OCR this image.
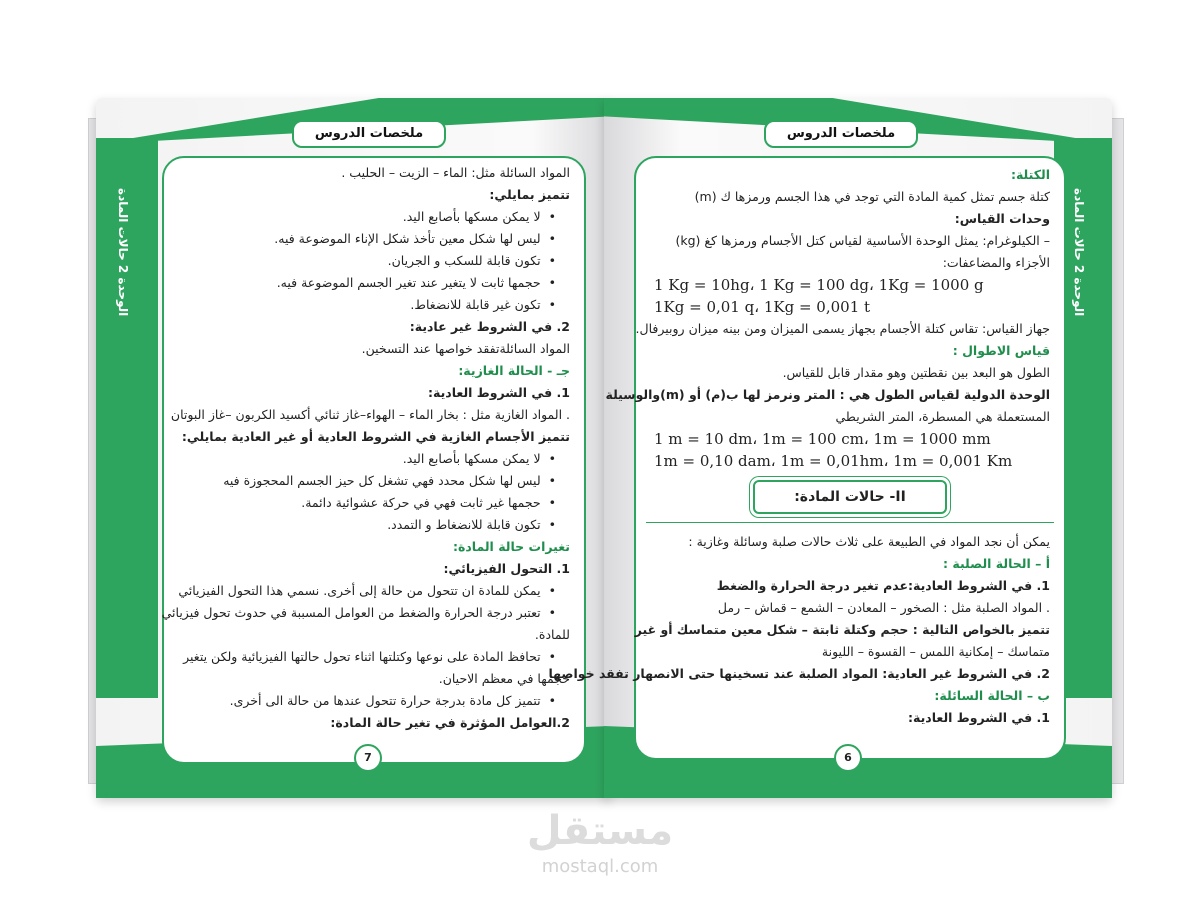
الوحدة 2 حالات المادة
ملخصات الدروس
المواد السائلة مثل: الماء – الزيت – الحليب .
تتميز بمايلي:
• لا يمكن مسكها بأصابع اليد.
• ليس لها شكل معين تأخذ شكل الإناء الموضوعة فيه.
• تكون قابلة للسكب و الجريان.
• حجمها ثابت لا يتغير عند تغير الجسم الموضوعة فيه.
• تكون غير قابلة للانضغاط.
2. في الشروط غير عادية:
المواد السائلةتفقد خواصها عند التسخين.
جـ - الحالة الغازية:
1. في الشروط العادية:
. المواد الغازية مثل : بخار الماء – الهواء–غاز ثنائي أكسيد الكربون –غاز البوتان
تتميز الأجسام الغازية في الشروط العادية أو غير العادية بمايلي:
• لا يمكن مسكها بأصابع اليد.
• ليس لها شكل محدد فهي تشغل كل حيز الجسم المحجوزة فيه
• حجمها غير ثابت فهي في حركة عشوائية دائمة.
• تكون قابلة للانضغاط و التمدد.
تغيرات حالة المادة:
1. التحول الفيزيائي:
• يمكن للمادة ان تتحول من حالة إلى أخرى. نسمي هذا التحول الفيزيائي
• تعتبر درجة الحرارة والضغط من العوامل المسببة في حدوث تحول فيزيائي
للمادة.
• تحافظ المادة على نوعها وكتلتها اثناء تحول حالتها الفيزيائية ولكن يتغير
حجمها في معظم الاحيان.
• تتميز كل مادة بدرجة حرارة تتحول عندها من حالة الى أخرى.
2.العوامل المؤثرة في تغير حالة المادة:
7
الوحدة 2 حالات المادة
ملخصات الدروس
الكتلة:
كتلة جسم تمثل كمية المادة التي توجد في هذا الجسم ورمزها ك (m)
وحدات القياس:
– الكيلوغرام: يمثل الوحدة الأساسية لقياس كتل الأجسام ورمزها كغ (kg)
الأجزاء والمضاعفات:
1 Kg = 10hg، 1 Kg = 100 dg، 1Kg = 1000 g
1Kg = 0,01 q، 1Kg = 0,001 t
جهاز القياس: تقاس كتلة الأجسام بجهاز يسمى الميزان ومن بينه ميزان روبيرفال.
قياس الاطوال :
الطول هو البعد بين نقطتين وهو مقدار قابل للقياس.
الوحدة الدولية لقياس الطول هي : المتر ونرمز لها ب(م) أو (m)والوسيلة
المستعملة هي المسطرة، المتر الشريطي
1 m = 10 dm، 1m = 100 cm، 1m = 1000 mm
1m = 0,10 dam، 1m = 0,01hm، 1m = 0,001 Km
II- حالات المادة:
يمكن أن نجد المواد في الطبيعة على ثلاث حالات صلبة وسائلة وغازية :
أ – الحالة الصلبة :
1. في الشروط العادية:عدم تغير درجة الحرارة والضغط
. المواد الصلبة مثل : الصخور – المعادن – الشمع – قماش – رمل
تتميز بالخواص التالية : حجم وكتلة ثابتة – شكل معين متماسك أو غير
متماسك – إمكانية اللمس – القسوة – الليونة
2. في الشروط غير العادية: المواد الصلبة عند تسخينها حتى الانصهار تفقد خواصها
ب – الحالة السائلة:
1. في الشروط العادية:
6
مستقل
mostaql.com
